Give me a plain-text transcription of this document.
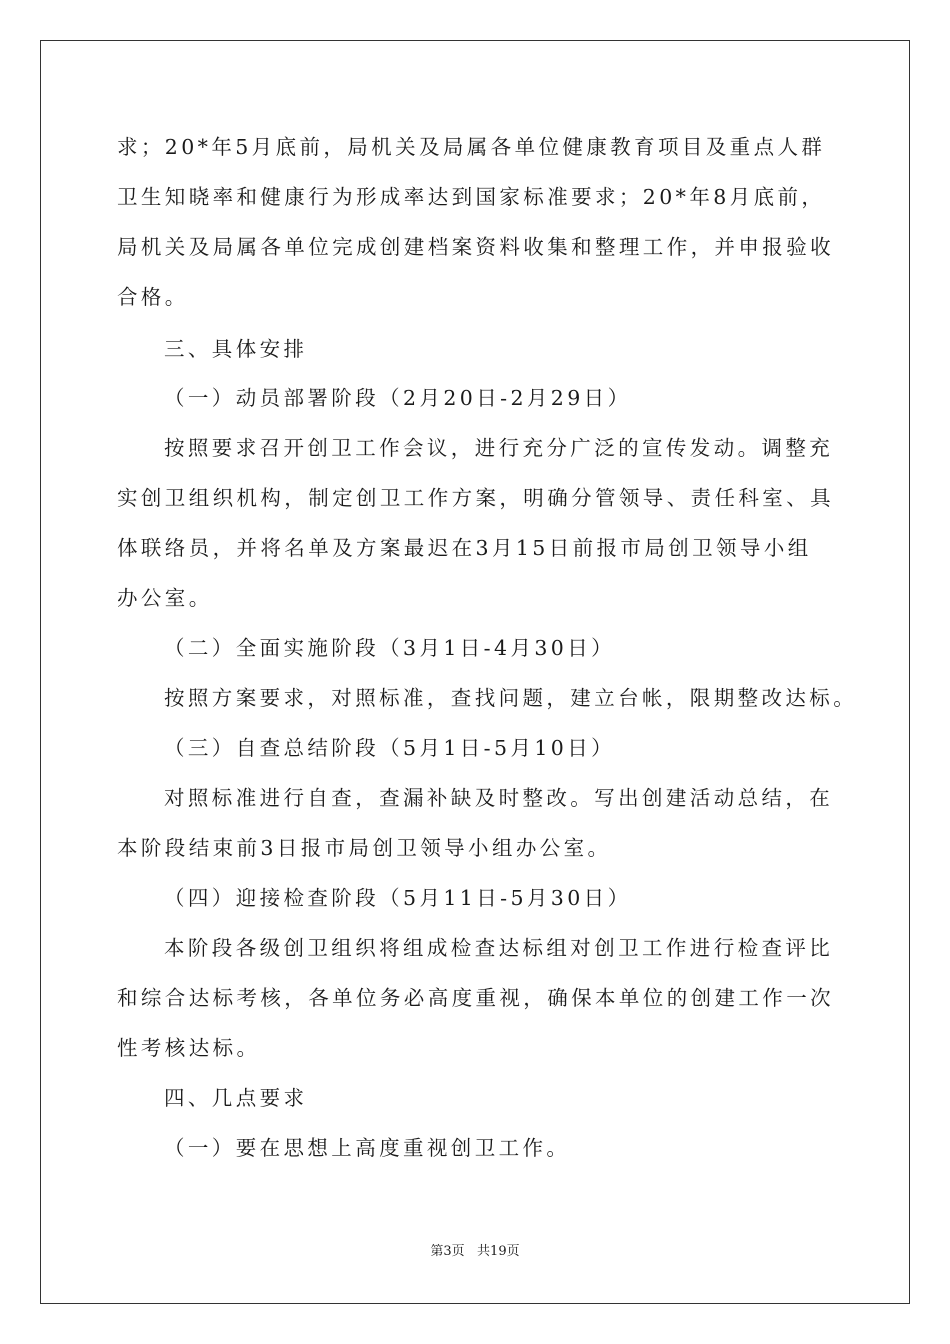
求；20*年5月底前，局机关及局属各单位健康教育项目及重点人群
卫生知晓率和健康行为形成率达到国家标准要求；20*年8月底前，
局机关及局属各单位完成创建档案资料收集和整理工作，并申报验收
合格。
三、具体安排
（一）动员部署阶段（2月20日-2月29日）
按照要求召开创卫工作会议，进行充分广泛的宣传发动。调整充
实创卫组织机构，制定创卫工作方案，明确分管领导、责任科室、具
体联络员，并将名单及方案最迟在3月15日前报市局创卫领导小组
办公室。
（二）全面实施阶段（3月1日-4月30日）
按照方案要求，对照标准，查找问题，建立台帐，限期整改达标。
（三）自查总结阶段（5月1日-5月10日）
对照标准进行自查，查漏补缺及时整改。写出创建活动总结，在
本阶段结束前3日报市局创卫领导小组办公室。
（四）迎接检查阶段（5月11日-5月30日）
本阶段各级创卫组织将组成检查达标组对创卫工作进行检查评比
和综合达标考核，各单位务必高度重视，确保本单位的创建工作一次
性考核达标。
四、几点要求
（一）要在思想上高度重视创卫工作。
第3页   共19页
